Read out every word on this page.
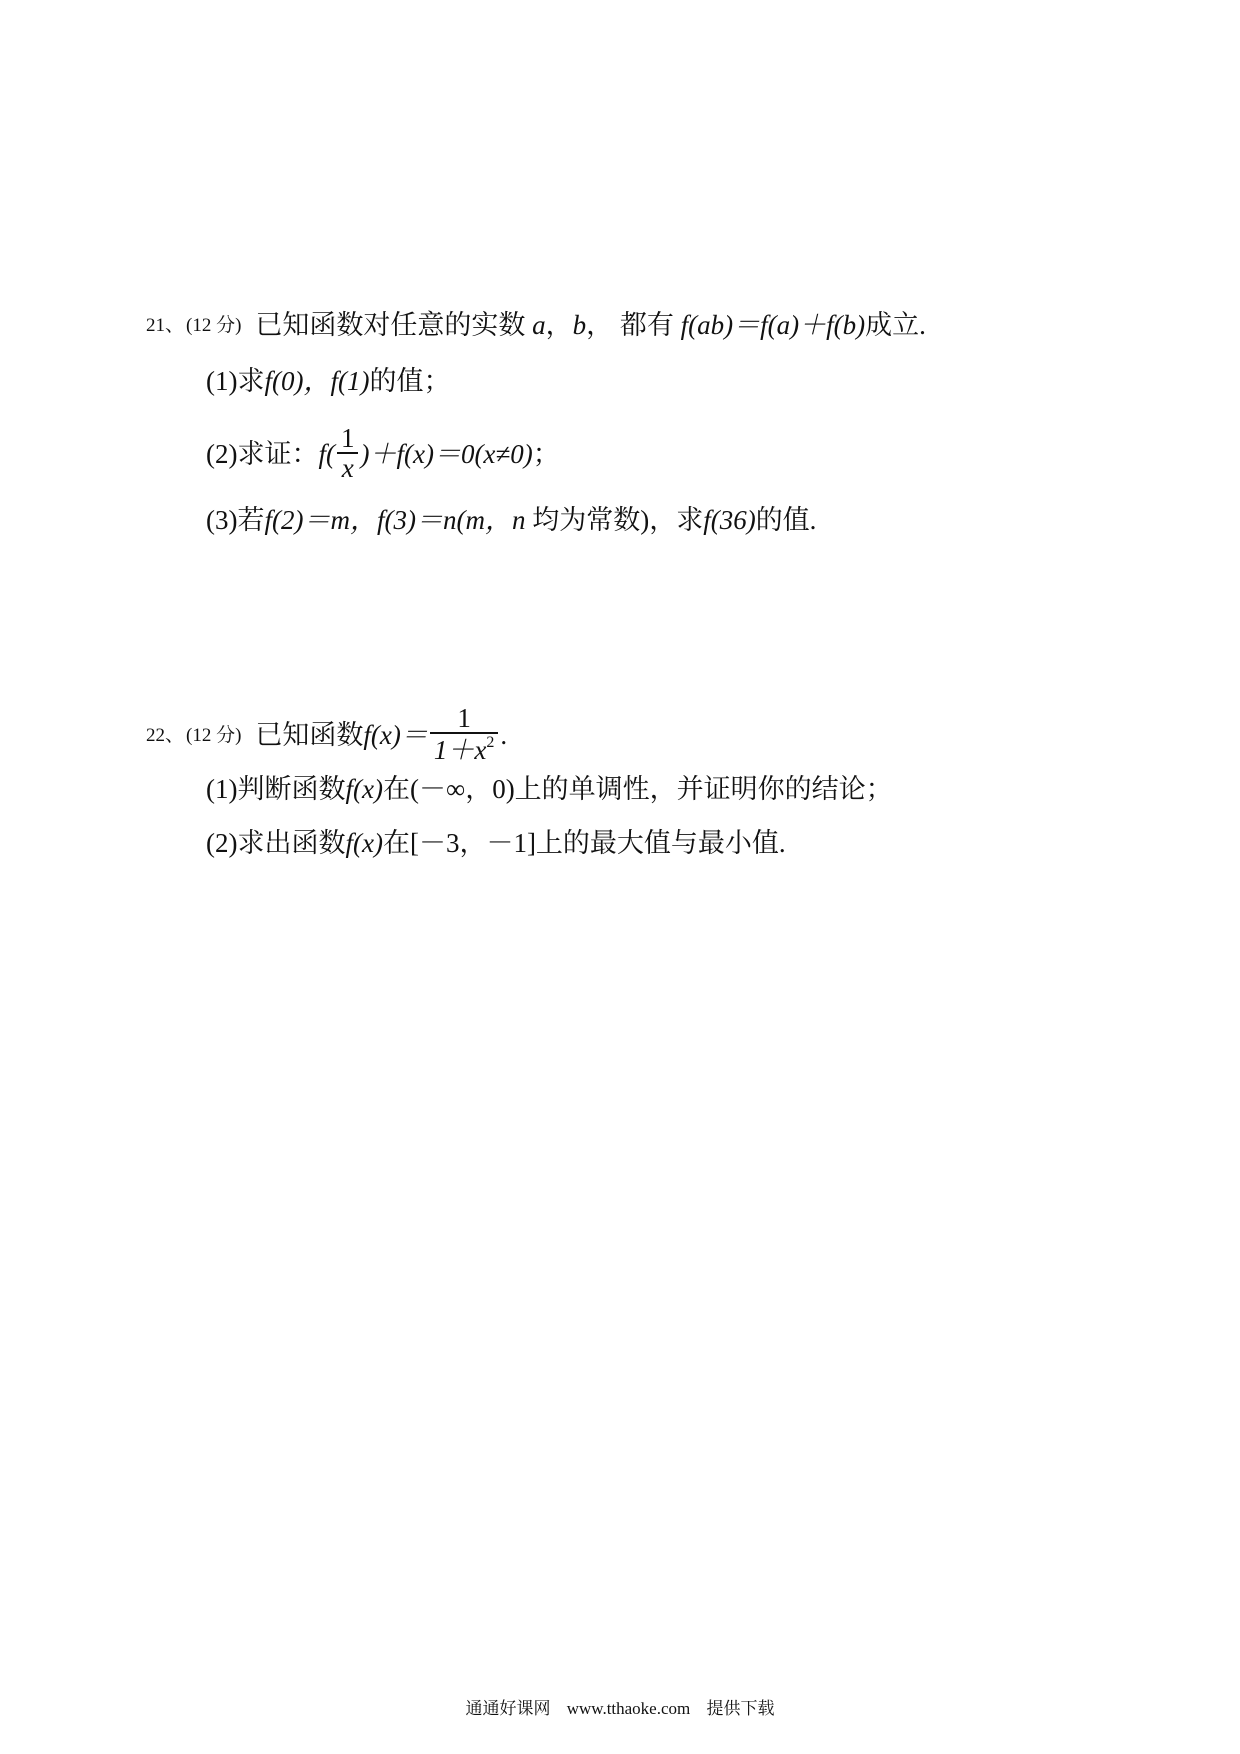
21、 (12 分) 已知函数对任意的实数
a ， b ， 都有
f(ab)＝f(a)＋f(b) 成立.
(1)求 f(0)，f(1) 的值；
(2)求证： $f( \frac{1}{x} )+f(x)=0(x\ne 0)$ ；
(3)若 f(2)＝m，f(3)＝n(m，n
均为常数)，求 f(36) 的值.
22、 (12 分) 已知函数 $f(x)= \frac{1}{1+x^2}$ .
(1)判断函数 f(x) 在(－∞，0)上的单调性，并证明你的结论；
(2)求出函数 f(x) 在[－3，－1]上的最大值与最小值.
通通好课网 www.tthaoke.com 提供下载
